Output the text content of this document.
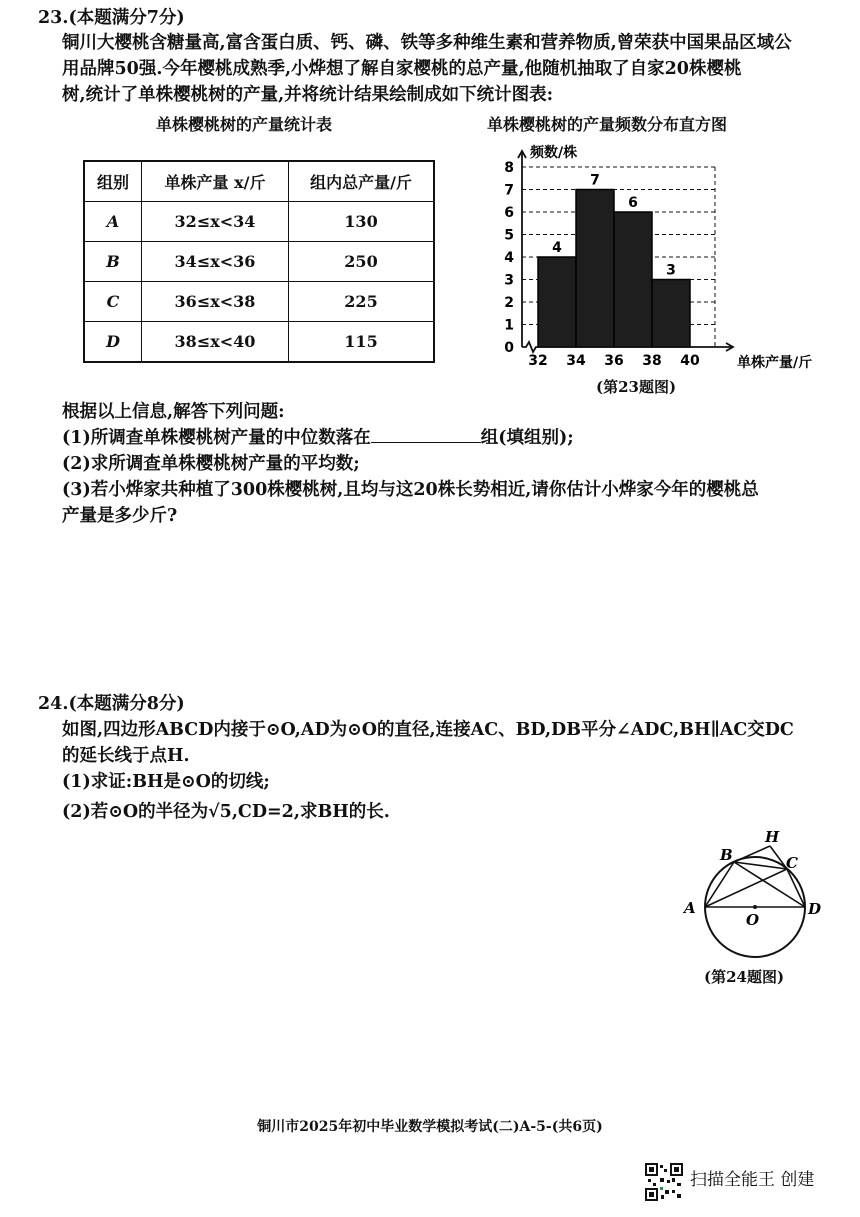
23.(本题满分7分)
铜川大樱桃含糖量高,富含蛋白质、钙、磷、铁等多种维生素和营养物质,曾荣获中国果品区域公
用品牌50强.今年樱桃成熟季,小烨想了解自家樱桃的总产量,他随机抽取了自家20株樱桃
树,统计了单株樱桃树的产量,并将统计结果绘制成如下统计图表:
单株樱桃树的产量统计表
组别	单株产量 x/斤	组内总产量/斤
A	32≤x<34	130
B	34≤x<36	250
C	36≤x<38	225
D	38≤x<40	115
单株樱桃树的产量频数分布直方图
4
7
6
3
0
1
2
3
4
5
6
7
8
32 34 36 38 40
频数/株
单株产量/斤
(第23题图)
根据以上信息,解答下列问题:
(1)所调查单株樱桃树产量的中位数落在	组(填组别);
(2)求所调查单株樱桃树产量的平均数;
(3)若小烨家共种植了300株樱桃树,且均与这20株长势相近,请你估计小烨家今年的樱桃总
产量是多少斤?
24.(本题满分8分)
如图,四边形ABCD内接于⊙O,AD为⊙O的直径,连接AC、BD,DB平分∠ADC,BH∥AC交DC
的延长线于点H.
(1)求证:BH是⊙O的切线;
(2)若⊙O的半径为√5,CD=2,求BH的长.
A
B	C
D
H
O
(第24题图)
铜川市2025年初中毕业数学模拟考试(二)A-5-(共6页)
扫描全能王 创建
